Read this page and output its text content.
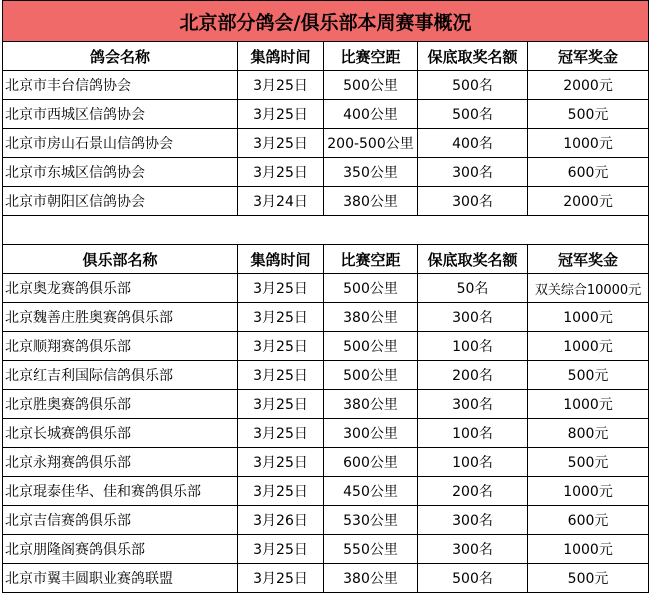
北京部分鸽会/俱乐部本周赛事概况				
鸽会名称	集鸽时间	比赛空距	保底取奖名额	冠军奖金
北京市丰台信鸽协会	3月25日	500公里	500名	2000元
北京市西城区信鸽协会	3月25日	400公里	500名	500元
北京市房山石景山信鸽协会	3月25日	200-500公里	400名	1000元
北京市东城区信鸽协会	3月25日	350公里	300名	600元
北京市朝阳区信鸽协会	3月24日	380公里	300名	2000元

俱乐部名称	集鸽时间	比赛空距	保底取奖名额	冠军奖金
北京奥龙赛鸽俱乐部	3月25日	500公里	50名	双关综合10000元
北京魏善庄胜奥赛鸽俱乐部	3月25日	380公里	300名	1000元
北京顺翔赛鸽俱乐部	3月25日	500公里	100名	1000元
北京红吉利国际信鸽俱乐部	3月25日	500公里	200名	500元
北京胜奥赛鸽俱乐部	3月25日	380公里	300名	1000元
北京长城赛鸽俱乐部	3月25日	300公里	100名	800元
北京永翔赛鸽俱乐部	3月25日	600公里	100名	500元
北京琨泰佳华、佳和赛鸽俱乐部	3月25日	450公里	200名	1000元
北京吉信赛鸽俱乐部	3月26日	530公里	300名	600元
北京朋隆阁赛鸽俱乐部	3月25日	550公里	300名	1000元
北京市翼丰圆职业赛鸽联盟	3月25日	380公里	500名	500元
